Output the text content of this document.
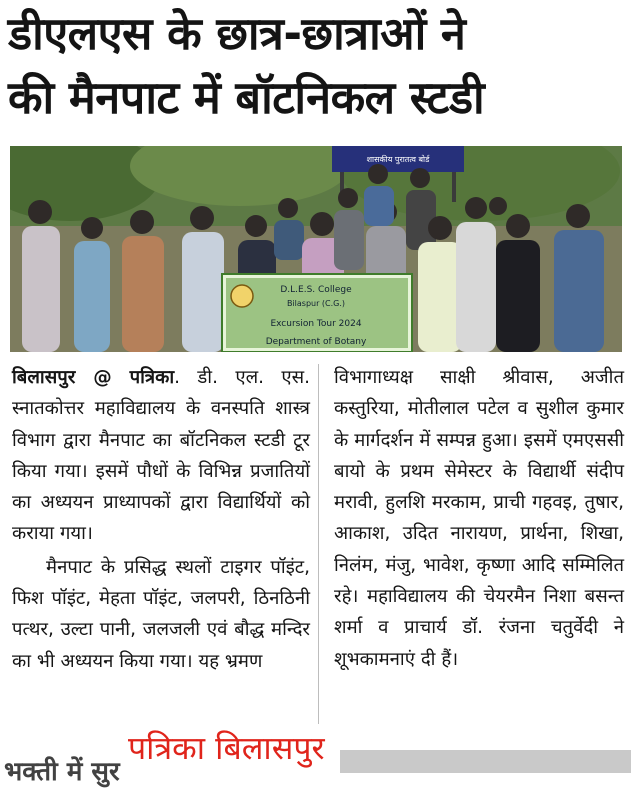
डीएलएस के छात्र-छात्राओं ने
की मैनपाट में बॉटनिकल स्टडी
शासकीय पुरातत्व बोर्ड
D.L.E.S. College
Bilaspur (C.G.)
Excursion Tour 2024
Department of Botany

बिलासपुर @ पत्रिका. डी. एल. एस. स्नातकोत्तर महाविद्यालय के वनस्पति शास्त्र विभाग द्वारा मैनपाट का बॉटनिकल स्टडी टूर किया गया। इसमें पौधों के विभिन्न प्रजातियों का अध्ययन प्राध्यापकों द्वारा विद्यार्थियों को कराया गया।

मैनपाट के प्रसिद्ध स्थलों टाइगर पॉइंट, फिश पॉइंट, मेहता पॉइंट, जलपरी, ठिनठिनी पत्थर, उल्टा पानी, जलजली एवं बौद्ध मन्दिर का भी अध्ययन किया गया। यह भ्रमण

विभागाध्यक्ष साक्षी श्रीवास, अजीत कस्तुरिया, मोतीलाल पटेल व सुशील कुमार के मार्गदर्शन में सम्पन्न हुआ। इसमें एमएससी बायो के प्रथम सेमेस्टर के विद्यार्थी संदीप मरावी, हुलशि मरकाम, प्राची गहवइ, तुषार, आकाश, उदित नारायण, प्रार्थना, शिखा, निलंम, मंजु, भावेश, कृष्णा आदि सम्मिलित रहे। महाविद्यालय की चेयरमैन निशा बसन्त शर्मा व प्राचार्य डॉ. रंजना चतुर्वेदी ने शूभकामनाएं दी हैं।

भक्ती में सुर
पत्रिका बिलासपुर
